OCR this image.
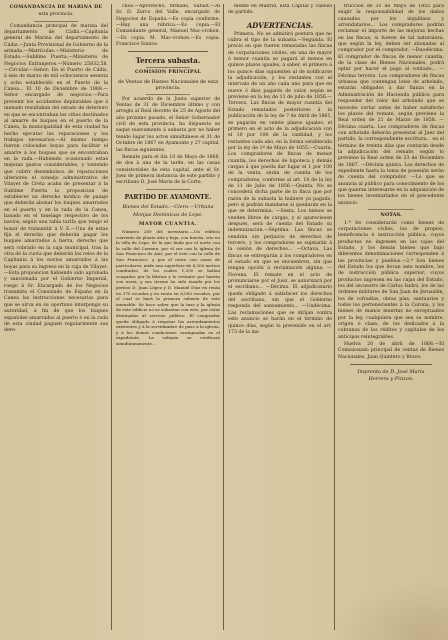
COMANDANCIA DE MARINA DE
esta provincia.

Comandancia principal de marina del departamento de Cádiz.—Capitanía general de Marina del departamento de Cádiz.—Junta Provisional de Gobierno de la armada.—Matrículas.—Ministerio de Estado.—Sublime Puerta.—Ministerio de Negocios Extranjeros.—Número 25832,58. —Circular.—Señor: En el Puerto de Cádiz, á seis de marzo de mil ochocientos sesenta y ocho establecido en el Puerto de la Canea... El 10 de Diciembre de 1868.—Señor encargado de negocios.—Para prevenir los accidentes deplorables que á menudo resultaban del estado de deterioro en que se encontraban los citios destinados al amarre de buques en el puerto de la Canea, la municipalidad de esta ciudad ha hecho ejecutar las reparaciones y los trabajos necesarios.—Al mismo tiempo fueron colocados boyas para facilitar el amarre á los buques que se encontraban en la rada.—Habiendo ocasionado estas mejoras gastos considerables, y teniendo que cubrir desembolsos de reparaciones ulteriores el consejo administrativo de Vilayet de Creta acaba de presentar á la Sublime Puerta la proposicion de establecer un derecho módico de pasaje que deberán abonar los buques amarrados en el puerto y en la rada de la Canea, basado en el tonelage respectivo de los navíos, según una tabla tarifa que tengo el honor de transmitir á V. E.—Una de estas fija el derecho que deberán pagar los buques amarrados á tierra, derecho que será cobrado en la caja municipal, tras la otra de la cuota que deberán los relos de la Capitanía á los navíos amarrados á las boyas para su ingreso en la caja de Vilayet.—Esta proposicion habiendo sido aprobada y sancionada por el Gobierno Imperial, ruego á Sr. Encargado de los Negocios transmita el Consulado de España en la Canea las instrucciones necesarias para que se sirva en su oportuno interpongo su autoridad, á fin de que los buques españoles amarrados al puerto ó en la rada de esta ciudad paguen regularmente sus dere-

chos.—Aprovecho, firmado, Safuet.—Al Sr. D. Zurco del Valle, encargado de Negocios de España.—Es copia conforme.—Hay una rúbrica.—Es copia.—El Comandante general, Manuel Mac-crohon.—Es copia. M. Mac-crohon.—Es copia. Francisco Sunice.

Tercera subasta.
COMISION PRINCIPAL
de Ventas de Bienes Nacionales de esta provincia.

Por acuerdo de la Junta superior de Ventas de 31 de Diciembre último y con arreglo al Real decreto de 25 de Agosto del año próximo pasado, el Señor Gobernador civil de esta provincia, ha dispuesto se saque nuevamente á subasta por no haber tenido lugar los actos simultáneos el 31 de Octubre de 1867 en Ayamonte y 27 capital, las fincas siguientes.

Remate para el día 10 de Mayo de 1868, de dos á una de la tarde, en las casas consistoriales de esta capital, ante el Sr. Juez de primera instancia de este partido y escribano D. José María de la Corte.

PARTIDO DE AYAMONTE.
Bienes del Estado.—Clero.—Urbana
Monjas Dominicas de Lepe.
MAYOR CUANTIA.

Número 289 del inventario.—Un edificio convento de planta alta y baja, con huerta, sito en la villa de Lepe, de la que linda por el norte con la calle del Carmen, por el sur con la iglesia de San Francisco de Asís, por el este con la calle de San Francisco, y por el oeste con casas de particulares; mide una superficie de 4,300 metros cuadrados, de los cuales 1,200 se hallan ocupados por la fábrica y lo restante por huerta con noria, y sus tierras ha sido tasado por los peritos D. Juan López y D. Manuel Díaz en renta en 375 escudos y en venta en 8,000 escudos, por el cual se hará la primera subasta de este inmueble. Se hace saber que la tasa y la iglesia de este edificio no se subastan con este, por estar destinados al servicio público. El comprador queda obligado á respetar los arrendamientos existentes y á la servidumbre de paso a la iglesia, y á las demás condiciones consignadas en el expediente. La subasta se verificará simultáneamente...

mente en Madrid, esta Capital y cabeza de partido.

ADVERTENCIAS.

Primera. No se admitirá postura que no cubra el tipo de la subasta.—Segunda. El precio en que fueren rematadas las fincas de corporaciones civiles, en una de mayor ó menor cuantía se pagará al menos en quince plazos iguales, á saber, el primero á los quince días siguientes al de notificarse la adjudicación, y los restantes con el intervalo de un año cada uno para que en nueve ó diez pagarés de valor, según se previene en la ley de 11 de julio de 1856.—Tercera. Las fincas de mayor cuantía del Estado rematados posteriores á la publicación de la ley de 7 de Abril de 1861, se pagarán en veinte plazos iguales, el primero en el acto de la adjudicación con el 10 por 100 de la cantidad, y los restantes cada año, en la forma establecida por la ley de 1º de Mayo de 1855.—Cuarta. Los compradores de fincas de menor cuantía, los derechos de hipoteca y demás cargas á que pueda dar lugar el 1 por 100 de la venta, serán de cuenta de los compradores, conforme al art. 10 de la ley de 11 de Julio de 1856.—Quinta. No se concederá dicha parte de la finca que por razón de la subasta la hubiere ya pagado, pero sí podrán mandarse si quedarán en la que se determina. —Sexta. Los bienes se venden libres de cargas, y si apareciesen después, será de cuenta del Estado su indemnización.—Séptima. Las fincas se vendrán sin perjuicio de derechos de tercero, y los compradores se sujetarán á la cesión de derechos... —Octava. Las fincas se entregarán á los compradores en el estado en que se encuentren, sin que tengan opción á reclamación alguna. —Novena. El remate en el acto de pronunciarse por el Juez, se autorizará por el escribano... —Décima. El adjudicatario queda obligado á satisfacer los derechos del escribano, sin que el Gobierno responda del saneamiento... —Undécima. Las reclamaciones que se dirijan contra este anuncio se harán en el término de quince días, según lo prevenido en el art. 173 de la ins-

trucción de 31 de Mayo de 1855 para exigir la responsabilidad de los daños causados por los inquilinos y arrendatarios... Los compradores podrán reclamar el importe de las mejoras hechas en las fincas, si fueren de tal naturaleza, que según la ley, deben ser abonadas al comprador por el comprador. —Duodécima. El comprador de fincas de menor cuantía, de la clase de Bienes Nacionales, podrá optar por hacer el pago al contado... —Décima tercera. Los compradores de fincas urbanas que contengan lotes de arbolado, estarán obligados á dar fianza en la Administración de Hacienda pública para responder del valor del arbolado que se necesite cortar antes de haber satisfecho los plazos del remate, según previene la Real orden de 21 de Marzo de 1858. —Décima cuarta. Los compradores de fincas con arbolado deberán presentar al Juez del partido, la correspondiente escritura... en el término de treinta días que contarán desde la adjudicación del remate, según lo previene la Real orden de 23 de Diciembre de 1867. —Décima quinta. Los derechos de expediente hasta la toma de posesión serán de cuenta del comprador. —Lo que se anuncia al público para conocimiento de los que quieran interesarse en la adquisición de los bienes inventariados en el precedente anuncio.

NOTAS.

1.ª Se considerarán como bienes de corporaciones civiles, los de propios, beneficencia é instrucción pública, cuyos productos no ingresen en las cajas del Estado, y los demás bienes que bajo diferentes denominaciones corresponden á las provincias y pueblos.—2.ª Son bienes del Estado los que llevan este nombre, los de instrucción pública superior, cuyos productos ingresen en las cajas del Estado, los del secuestro de Carlos Isidro, los de las órdenes militares de San Juan de Jerusalén, los de cofradías, obras pías, santuarios y todos los pertenecientes á la Corona, y los bienes de manos muertas no exceptuados por la ley, cualquiera que sea su nombre, origen ó clase, de los dedicados á la cobranza de los réditos y capitales de los anticipos reintegrables.

Huelva 20 de abril de 1868.—El Comisionado principal de ventas de Bienes Nacionales, Juan Quintero y Bravo.

Imprenta de D. José María
Herrera y Pinzon.
